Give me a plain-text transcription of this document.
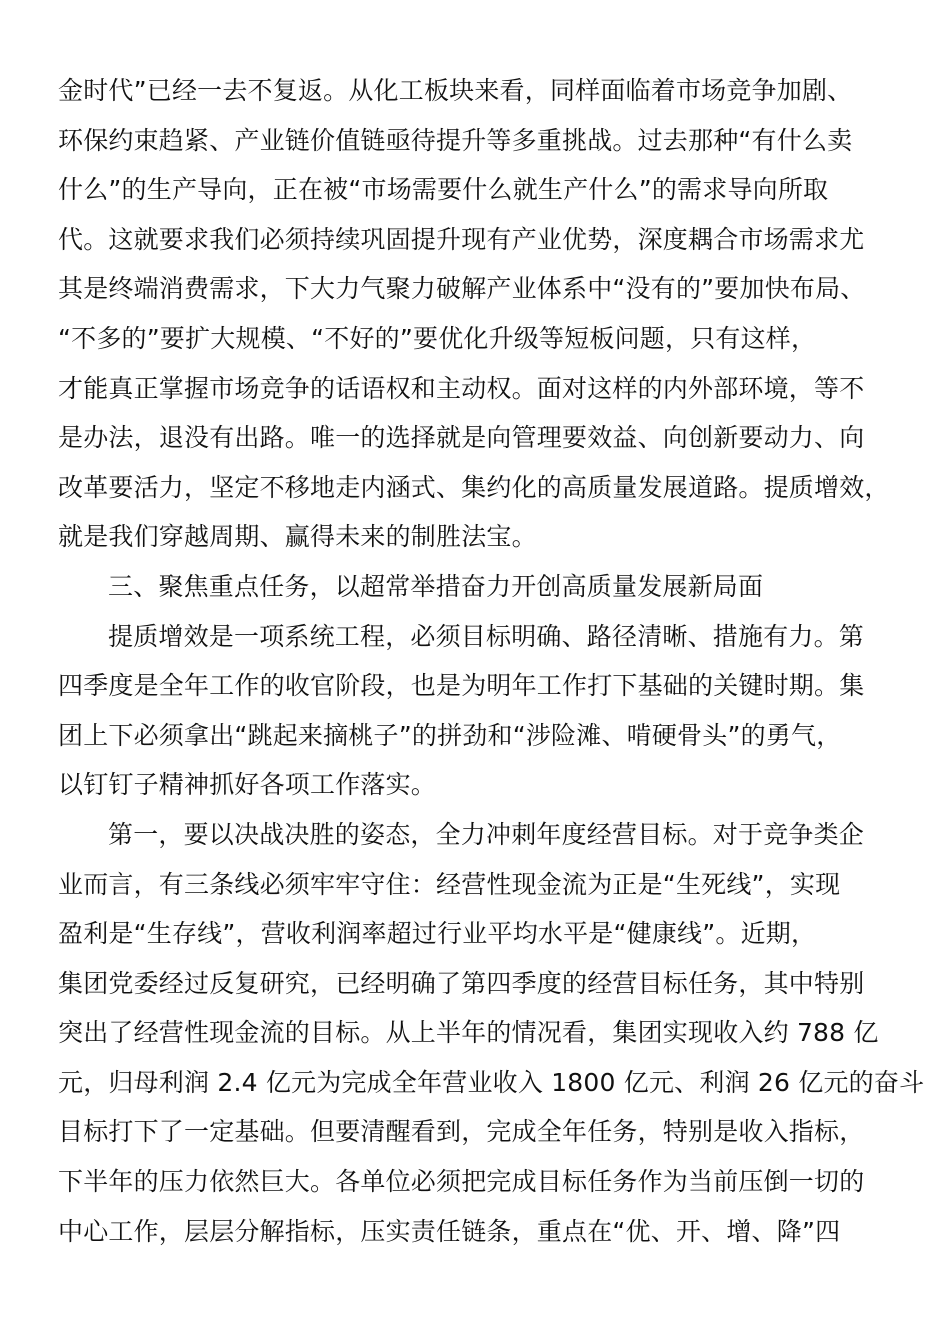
金时代”已经一去不复返。从化工板块来看，同样面临着市场竞争加剧、
环保约束趋紧、产业链价值链亟待提升等多重挑战。过去那种“有什么卖
什么”的生产导向，正在被“市场需要什么就生产什么”的需求导向所取
代。这就要求我们必须持续巩固提升现有产业优势，深度耦合市场需求尤
其是终端消费需求，下大力气聚力破解产业体系中“没有的”要加快布局、
“不多的”要扩大规模、“不好的”要优化升级等短板问题，只有这样，
才能真正掌握市场竞争的话语权和主动权。面对这样的内外部环境，等不
是办法，退没有出路。唯一的选择就是向管理要效益、向创新要动力、向
改革要活力，坚定不移地走内涵式、集约化的高质量发展道路。提质增效，
就是我们穿越周期、赢得未来的制胜法宝。
三、聚焦重点任务，以超常举措奋力开创高质量发展新局面
提质增效是一项系统工程，必须目标明确、路径清晰、措施有力。第
四季度是全年工作的收官阶段，也是为明年工作打下基础的关键时期。集
团上下必须拿出“跳起来摘桃子”的拼劲和“涉险滩、啃硬骨头”的勇气，
以钉钉子精神抓好各项工作落实。
第一，要以决战决胜的姿态，全力冲刺年度经营目标。对于竞争类企
业而言，有三条线必须牢牢守住：经营性现金流为正是“生死线”，实现
盈利是“生存线”，营收利润率超过行业平均水平是“健康线”。近期，
集团党委经过反复研究，已经明确了第四季度的经营目标任务，其中特别
突出了经营性现金流的目标。从上半年的情况看，集团实现收入约 788 亿
元，归母利润 2.4 亿元为完成全年营业收入 1800 亿元、利润 26 亿元的奋斗
目标打下了一定基础。但要清醒看到，完成全年任务，特别是收入指标，
下半年的压力依然巨大。各单位必须把完成目标任务作为当前压倒一切的
中心工作，层层分解指标，压实责任链条，重点在“优、开、增、降”四
